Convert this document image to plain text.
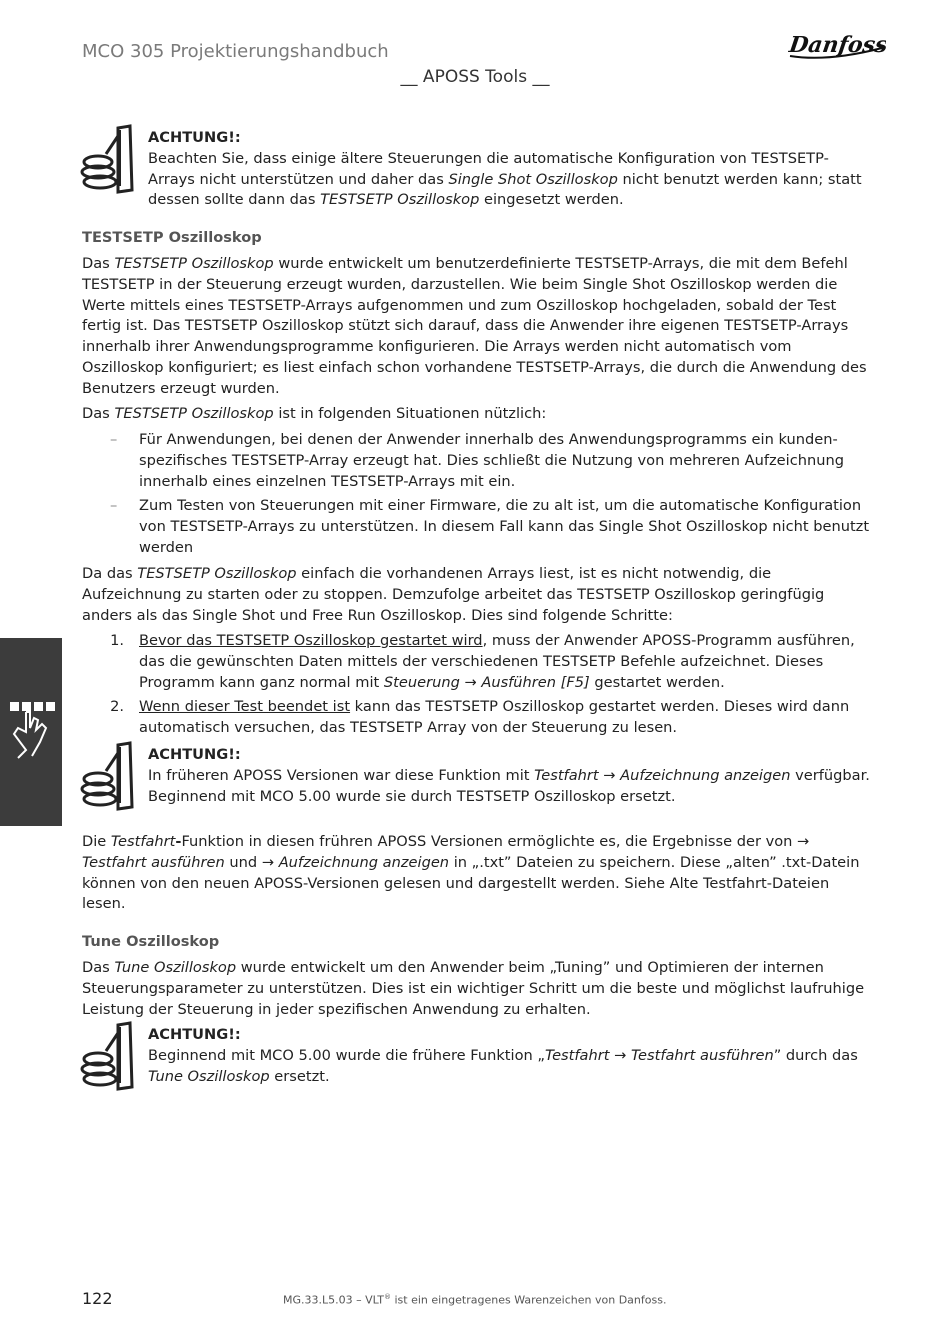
MCO 305 Projektierungshandbuch	Danfoss
__ APOSS Tools __
ACHTUNG!:

Beachten Sie, dass einige ältere Steuerungen die automatische Konfiguration von TESTSETP-Arrays nicht unterstützen und daher das Single Shot Oszilloskop nicht benutzt werden kann; statt dessen sollte dann das TESTSETP Oszilloskop eingesetzt werden.

TESTSETP Oszilloskop

Das TESTSETP Oszilloskop wurde entwickelt um benutzerdefinierte TESTSETP-Arrays, die mit dem Befehl TESTSETP in der Steuerung erzeugt wurden, darzustellen. Wie beim Single Shot Oszilloskop werden die Werte mittels eines TESTSETP-Arrays aufgenommen und zum Oszilloskop hochgeladen, sobald der Test fertig ist. Das TESTSETP Oszilloskop stützt sich darauf, dass die Anwender ihre eigenen TESTSETP-Arrays innerhalb ihrer Anwendungsprogramme konfigurieren. Die Arrays werden nicht automatisch vom Oszilloskop konfiguriert; es liest einfach schon vorhandene TESTSETP-Arrays, die durch die Anwendung des Benutzers erzeugt wurden.

Das TESTSETP Oszilloskop ist in folgenden Situationen nützlich:

– Für Anwendungen, bei denen der Anwender innerhalb des Anwendungsprogramms ein kunden-spezifisches TESTSETP-Array erzeugt hat. Dies schließt die Nutzung von mehreren Aufzeichnung innerhalb eines einzelnen TESTSETP-Arrays mit ein.
– Zum Testen von Steuerungen mit einer Firmware, die zu alt ist, um die automatische Konfiguration von TESTSETP-Arrays zu unterstützen. In diesem Fall kann das Single Shot Oszilloskop nicht benutzt werden

Da das TESTSETP Oszilloskop einfach die vorhandenen Arrays liest, ist es nicht notwendig, die Aufzeichnung zu starten oder zu stoppen. Demzufolge arbeitet das TESTSETP Oszilloskop geringfügig anders als das Single Shot und Free Run Oszilloskop. Dies sind folgende Schritte:

1. Bevor das TESTSETP Oszilloskop gestartet wird, muss der Anwender APOSS-Programm ausführen, das die gewünschten Daten mittels der verschiedenen TESTSETP Befehle aufzeichnet. Dieses Programm kann ganz normal mit Steuerung → Ausführen [F5] gestartet werden.
2. Wenn dieser Test beendet ist kann das TESTSETP Oszilloskop gestartet werden. Dieses wird dann automatisch versuchen, das TESTSETP Array von der Steuerung zu lesen.
ACHTUNG!:

In früheren APOSS Versionen war diese Funktion mit Testfahrt → Aufzeichnung anzeigen verfügbar. Beginnend mit MCO 5.00 wurde sie durch TESTSETP Oszilloskop ersetzt.

Die Testfahrt-Funktion in diesen frühren APOSS Versionen ermöglichte es, die Ergebnisse der von → Testfahrt ausführen und → Aufzeichnung anzeigen in „.txt” Dateien zu speichern. Diese „alten” .txt-Datein können von den neuen APOSS-Versionen gelesen und dargestellt werden. Siehe Alte Testfahrt-Dateien lesen.

Tune Oszilloskop

Das Tune Oszilloskop wurde entwickelt um den Anwender beim „Tuning” und Optimieren der internen Steuerungsparameter zu unterstützen. Dies ist ein wichtiger Schritt um die beste und möglichst laufruhige Leistung der Steuerung in jeder spezifischen Anwendung zu erhalten.

ACHTUNG!:

Beginnend mit MCO 5.00 wurde die frühere Funktion „Testfahrt → Testfahrt ausführen” durch das Tune Oszilloskop ersetzt.

122	MG.33.L5.03 – VLT® ist ein eingetragenes Warenzeichen von Danfoss.
